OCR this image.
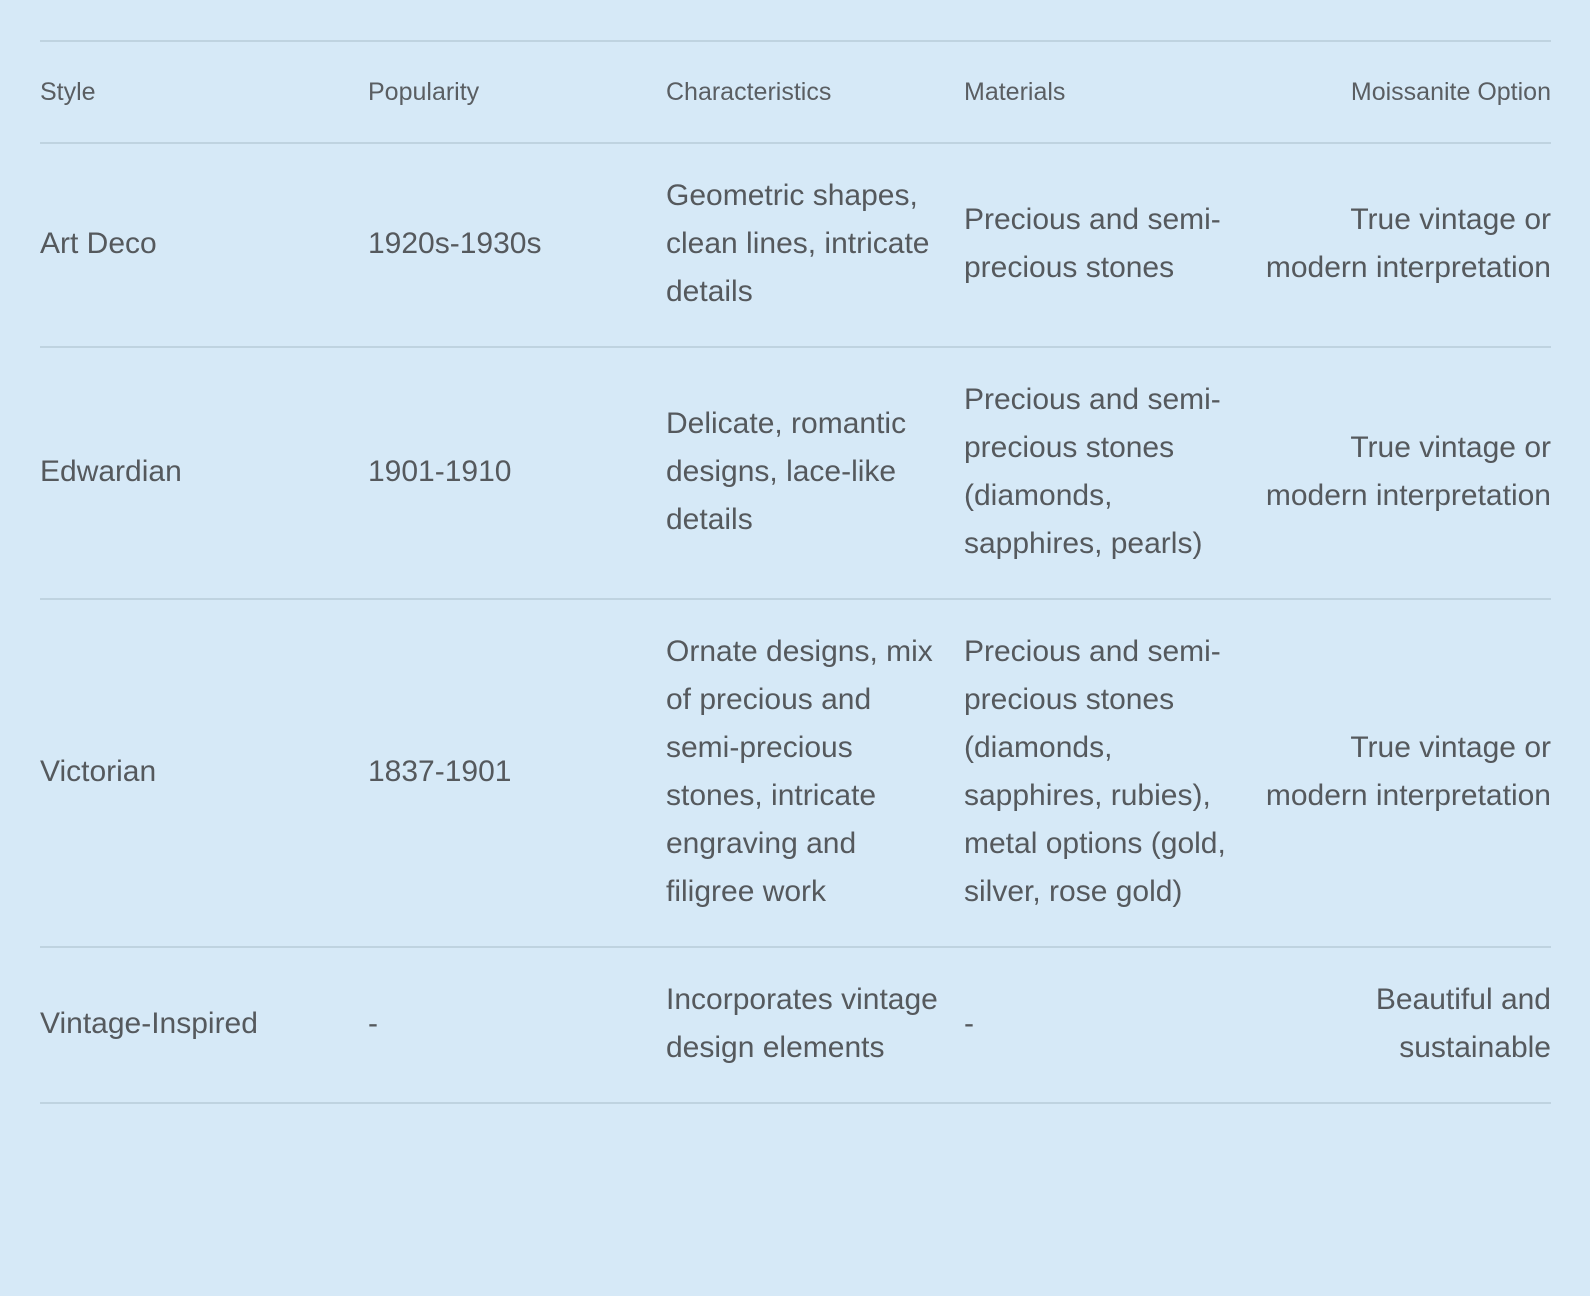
Style	Popularity	Characteristics	Materials	Moissanite Option
Art Deco	1920s-1930s	Geometric shapes, clean lines, intricate details	Precious and semi-precious stones	True vintage or modern interpretation
Edwardian	1901-1910	Delicate, romantic designs, lace-like details	Precious and semi-precious stones (diamonds, sapphires, pearls)	True vintage or modern interpretation
Victorian	1837-1901	Ornate designs, mix of precious and semi-precious stones, intricate engraving and filigree work	Precious and semi-precious stones (diamonds, sapphires, rubies), metal options (gold, silver, rose gold)	True vintage or modern interpretation
Vintage-Inspired	-	Incorporates vintage design elements	-	Beautiful and sustainable
